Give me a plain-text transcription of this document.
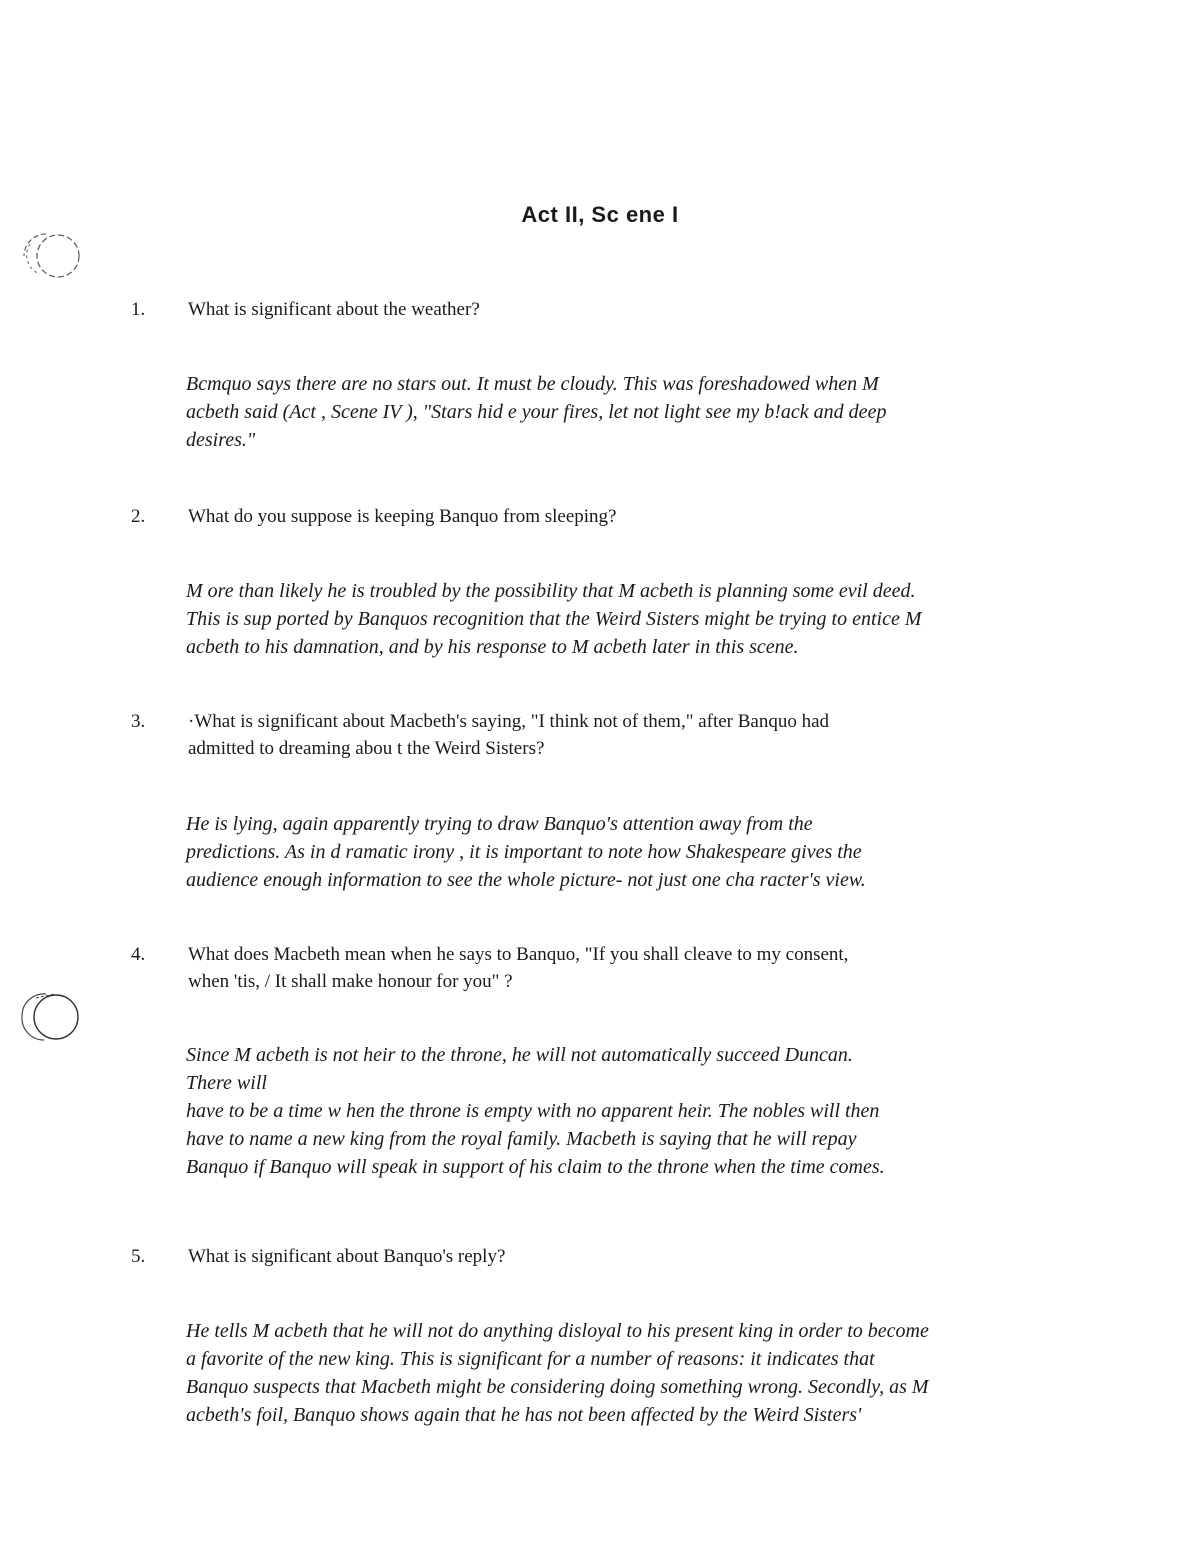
Act II, Sc ene I
1. What is significant about the weather?
Bcmquo says there are no stars out. It must be cloudy. This was foreshadowed when M
acbeth said (Act , Scene IV ), "Stars hid e your fires, let not light see my b!ack and deep
desires."
2. What do you suppose is keeping Banquo from sleeping?
M ore than likely he is troubled by the possibility that M acbeth is planning some evil deed.
This is sup ported by Banquos recognition that the Weird Sisters might be trying to entice M
acbeth to his damnation, and by his response to M acbeth later in this scene.
3. ·What is significant about Macbeth's saying, "I think not of them," after Banquo had
admitted to dreaming abou t the Weird Sisters?
He is lying, again apparently trying to draw Banquo's attention away from the
predictions. As in d ramatic irony , it is important to note how Shakespeare gives the
audience enough information to see the whole picture- not just one cha racter's view.
4. What does Macbeth mean when he says to Banquo, "If you shall cleave to my consent,
when 'tis, / It shall make honour for you" ?
Since M acbeth is not heir to the throne, he will not automatically succeed Duncan.
There will
have to be a time w hen the throne is empty with no apparent heir. The nobles will then
have to name a new king from the royal family. Macbeth is saying that he will repay
Banquo if Banquo will speak in support of his claim to the throne when the time comes.
5. What is significant about Banquo's reply?
He tells M acbeth that he will not do anything disloyal to his present king in order to become
a favorite of the new king. This is significant for a number of reasons: it indicates that
Banquo suspects that Macbeth might be considering doing something wrong. Secondly, as M
acbeth's foil, Banquo shows again that he has not been affected by the Weird Sisters'
